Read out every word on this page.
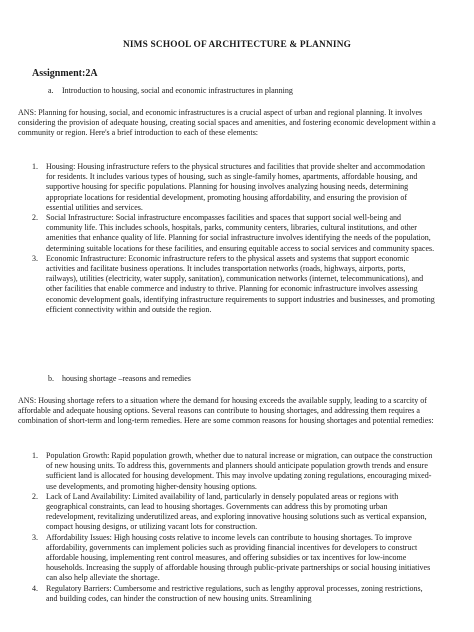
NIMS SCHOOL OF ARCHITECTURE & PLANNING
Assignment:2A
a. Introduction to housing, social and economic infrastructures in planning
ANS: Planning for housing, social, and economic infrastructures is a crucial aspect of urban and regional planning. It involves considering the provision of adequate housing, creating social spaces and amenities, and fostering economic development within a community or region. Here's a brief introduction to each of these elements:
1. Housing: Housing infrastructure refers to the physical structures and facilities that provide shelter and accommodation for residents. It includes various types of housing, such as single-family homes, apartments, affordable housing, and supportive housing for specific populations. Planning for housing involves analyzing housing needs, determining appropriate locations for residential development, promoting housing affordability, and ensuring the provision of essential utilities and services.
2. Social Infrastructure: Social infrastructure encompasses facilities and spaces that support social well-being and community life. This includes schools, hospitals, parks, community centers, libraries, cultural institutions, and other amenities that enhance quality of life. Planning for social infrastructure involves identifying the needs of the population, determining suitable locations for these facilities, and ensuring equitable access to social services and community spaces.
3. Economic Infrastructure: Economic infrastructure refers to the physical assets and systems that support economic activities and facilitate business operations. It includes transportation networks (roads, highways, airports, ports, railways), utilities (electricity, water supply, sanitation), communication networks (internet, telecommunications), and other facilities that enable commerce and industry to thrive. Planning for economic infrastructure involves assessing economic development goals, identifying infrastructure requirements to support industries and businesses, and promoting efficient connectivity within and outside the region.
b. housing shortage –reasons and remedies
ANS: Housing shortage refers to a situation where the demand for housing exceeds the available supply, leading to a scarcity of affordable and adequate housing options. Several reasons can contribute to housing shortages, and addressing them requires a combination of short-term and long-term remedies. Here are some common reasons for housing shortages and potential remedies:
1. Population Growth: Rapid population growth, whether due to natural increase or migration, can outpace the construction of new housing units. To address this, governments and planners should anticipate population growth trends and ensure sufficient land is allocated for housing development. This may involve updating zoning regulations, encouraging mixed-use developments, and promoting higher-density housing options.
2. Lack of Land Availability: Limited availability of land, particularly in densely populated areas or regions with geographical constraints, can lead to housing shortages. Governments can address this by promoting urban redevelopment, revitalizing underutilized areas, and exploring innovative housing solutions such as vertical expansion, compact housing designs, or utilizing vacant lots for construction.
3. Affordability Issues: High housing costs relative to income levels can contribute to housing shortages. To improve affordability, governments can implement policies such as providing financial incentives for developers to construct affordable housing, implementing rent control measures, and offering subsidies or tax incentives for low-income households. Increasing the supply of affordable housing through public-private partnerships or social housing initiatives can also help alleviate the shortage.
4. Regulatory Barriers: Cumbersome and restrictive regulations, such as lengthy approval processes, zoning restrictions, and building codes, can hinder the construction of new housing units. Streamlining
